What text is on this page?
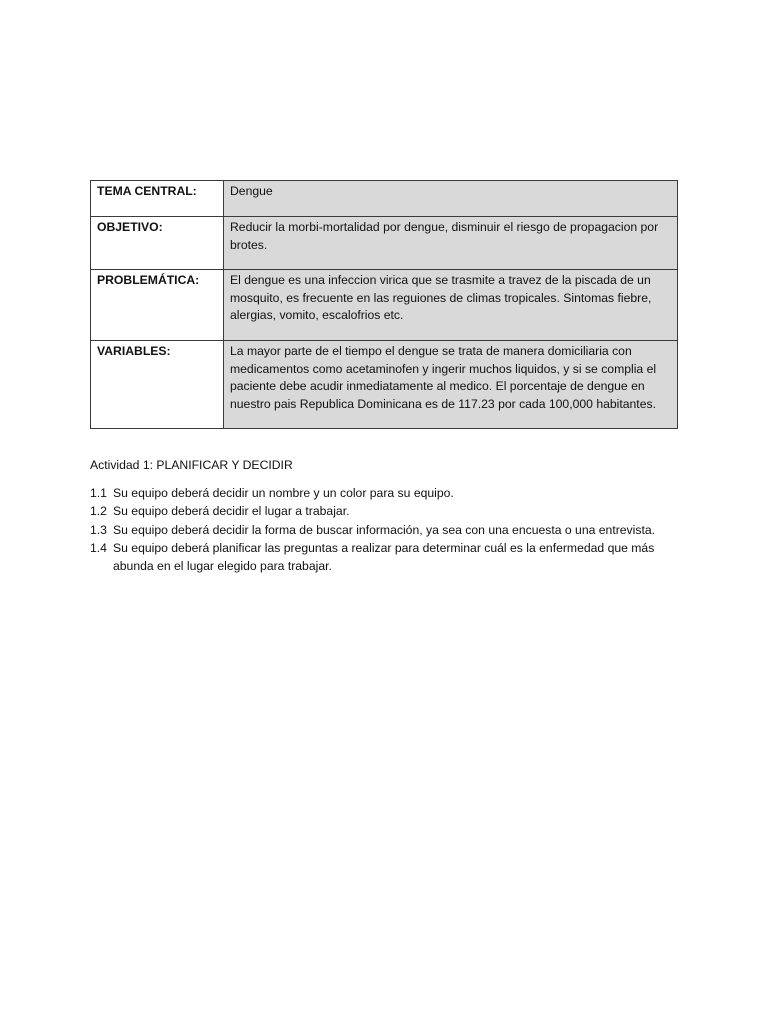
TEMA CENTRAL:	Dengue
OBJETIVO:	Reducir la morbi-mortalidad por dengue, disminuir el riesgo de propagacion por brotes.
PROBLEMÁTICA:	El dengue es una infeccion virica que se trasmite a travez de la piscada de un mosquito, es frecuente en las reguiones de climas tropicales. Sintomas fiebre, alergias, vomito, escalofrios etc.
VARIABLES:	La mayor parte de el tiempo el dengue se trata de manera domiciliaria con medicamentos como acetaminofen y ingerir muchos liquidos, y si se complia el paciente debe acudir inmediatamente al medico. El porcentaje de dengue en nuestro pais Republica Dominicana es de 117.23 por cada 100,000 habitantes.
Actividad 1: PLANIFICAR Y DECIDIR
1.1 Su equipo deberá decidir un nombre y un color para su equipo.
1.2 Su equipo deberá decidir el lugar a trabajar.
1.3 Su equipo deberá decidir la forma de buscar información, ya sea con una encuesta o una entrevista.
1.4 Su equipo deberá planificar las preguntas a realizar para determinar cuál es la enfermedad que más abunda en el lugar elegido para trabajar.
